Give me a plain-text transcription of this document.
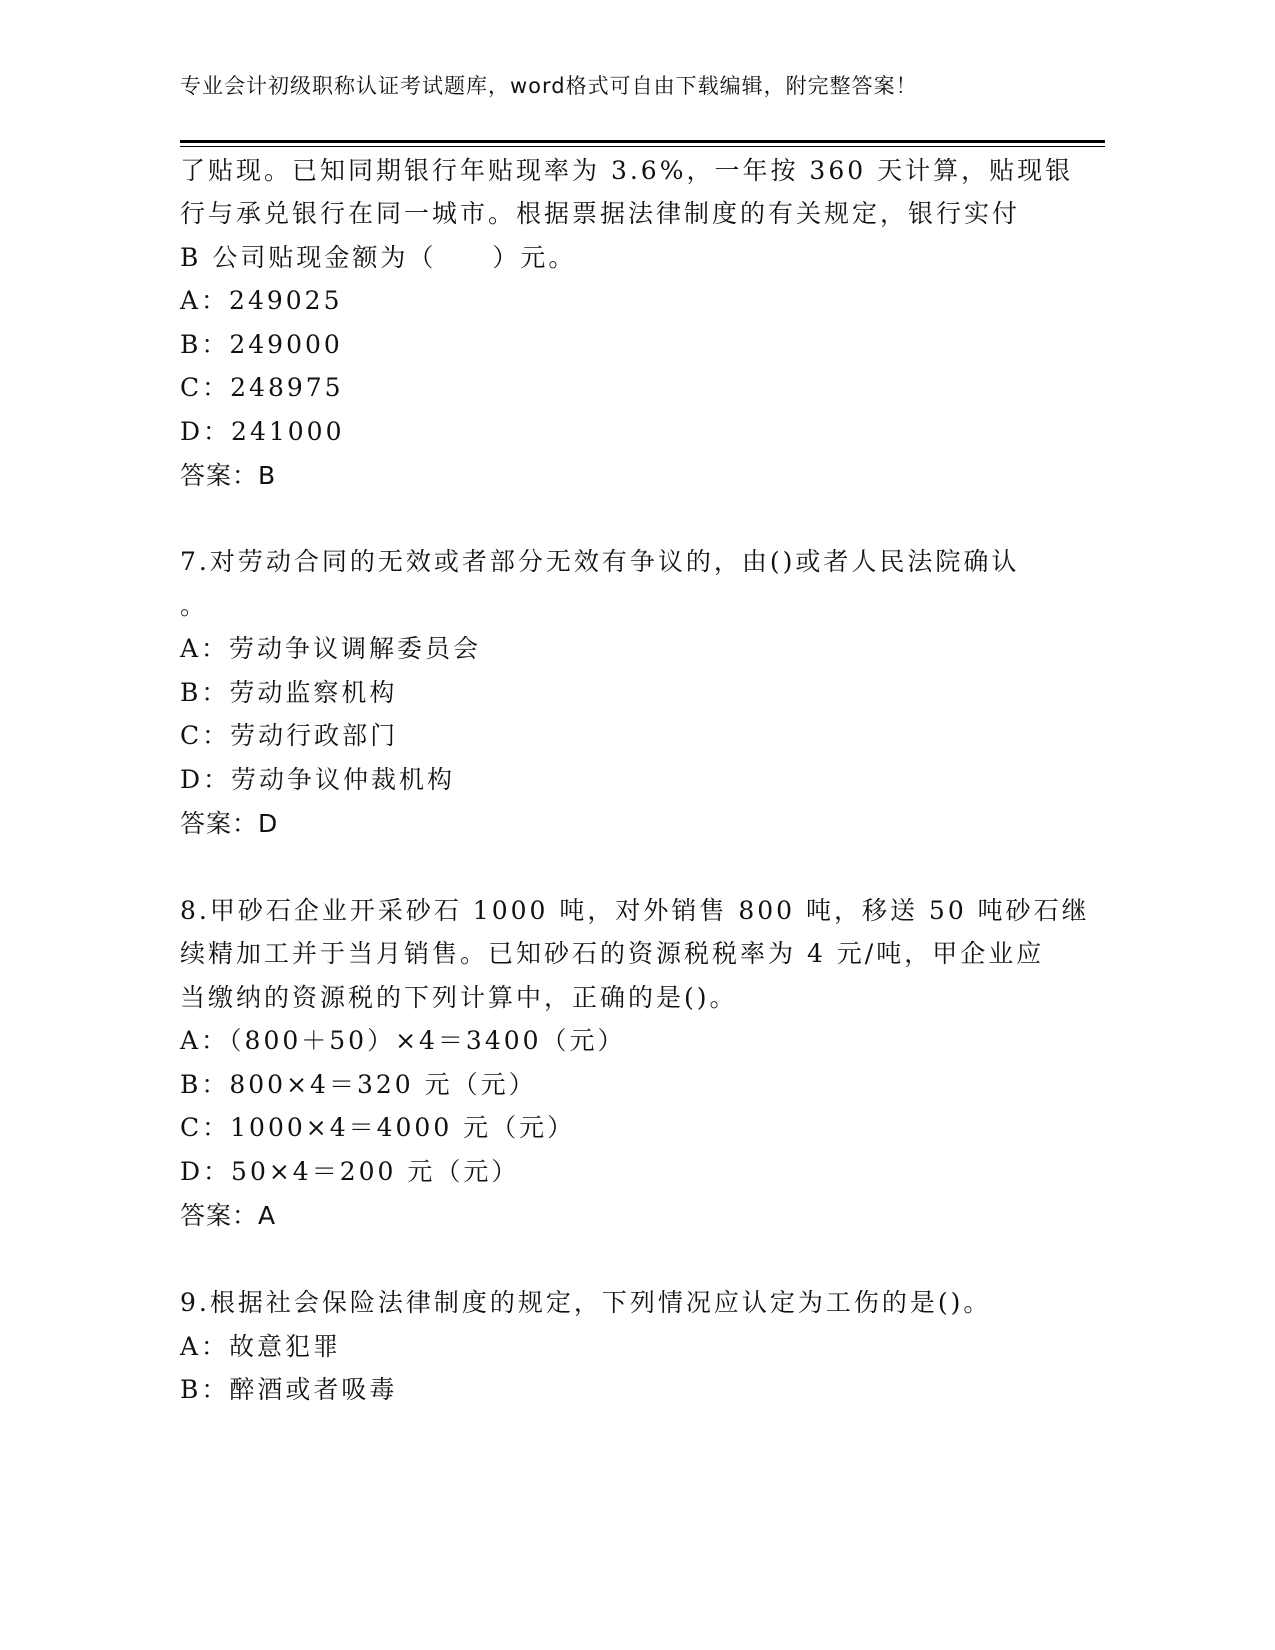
专业会计初级职称认证考试题库，word格式可自由下载编辑，附完整答案！
了贴现。已知同期银行年贴现率为 3.6%，一年按 360 天计算，贴现银
行与承兑银行在同一城市。根据票据法律制度的有关规定，银行实付
B 公司贴现金额为（　　）元。
A：249025
B：249000
C：248975
D：241000
答案：B
7.对劳动合同的无效或者部分无效有争议的，由()或者人民法院确认
。
A：劳动争议调解委员会
B：劳动监察机构
C：劳动行政部门
D：劳动争议仲裁机构
答案：D
8.甲砂石企业开采砂石 1000 吨，对外销售 800 吨，移送 50 吨砂石继
续精加工并于当月销售。已知砂石的资源税税率为 4 元/吨，甲企业应
当缴纳的资源税的下列计算中，正确的是()。
A：（800＋50）×4＝3400（元）
B：800×4＝320 元（元）
C：1000×4＝4000 元（元）
D：50×4＝200 元（元）
答案：A
9.根据社会保险法律制度的规定，下列情况应认定为工伤的是()。
A：故意犯罪
B：醉酒或者吸毒
